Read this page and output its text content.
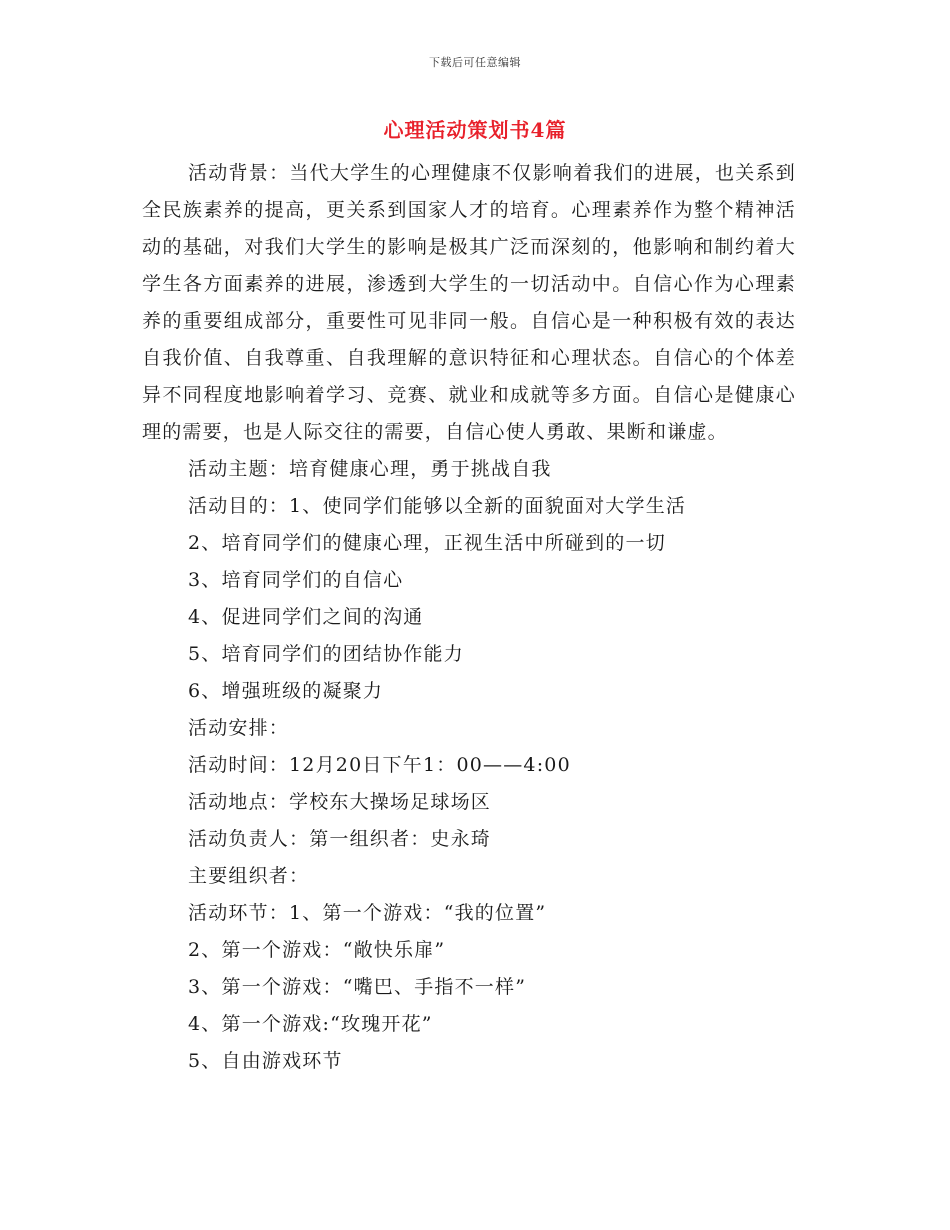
下载后可任意编辑
心理活动策划书4篇

活动背景：当代大学生的心理健康不仅影响着我们的进展，也关系到全民族素养的提高，更关系到国家人才的培育。心理素养作为整个精神活动的基础，对我们大学生的影响是极其广泛而深刻的，他影响和制约着大学生各方面素养的进展，渗透到大学生的一切活动中。自信心作为心理素养的重要组成部分，重要性可见非同一般。自信心是一种积极有效的表达自我价值、自我尊重、自我理解的意识特征和心理状态。自信心的个体差异不同程度地影响着学习、竞赛、就业和成就等多方面。自信心是健康心理的需要，也是人际交往的需要，自信心使人勇敢、果断和谦虚。

活动主题：培育健康心理，勇于挑战自我

活动目的：1、使同学们能够以全新的面貌面对大学生活

2、培育同学们的健康心理，正视生活中所碰到的一切

3、培育同学们的自信心

4、促进同学们之间的沟通

5、培育同学们的团结协作能力

6、增强班级的凝聚力

活动安排：

活动时间：12月20日下午1：00——4:00

活动地点：学校东大操场足球场区

活动负责人：第一组织者：史永琦

主要组织者：

活动环节：1、第一个游戏：“我的位置”

2、第一个游戏：“敞快乐扉”

3、第一个游戏：“嘴巴、手指不一样”

4、第一个游戏:“玫瑰开花”

5、自由游戏环节
